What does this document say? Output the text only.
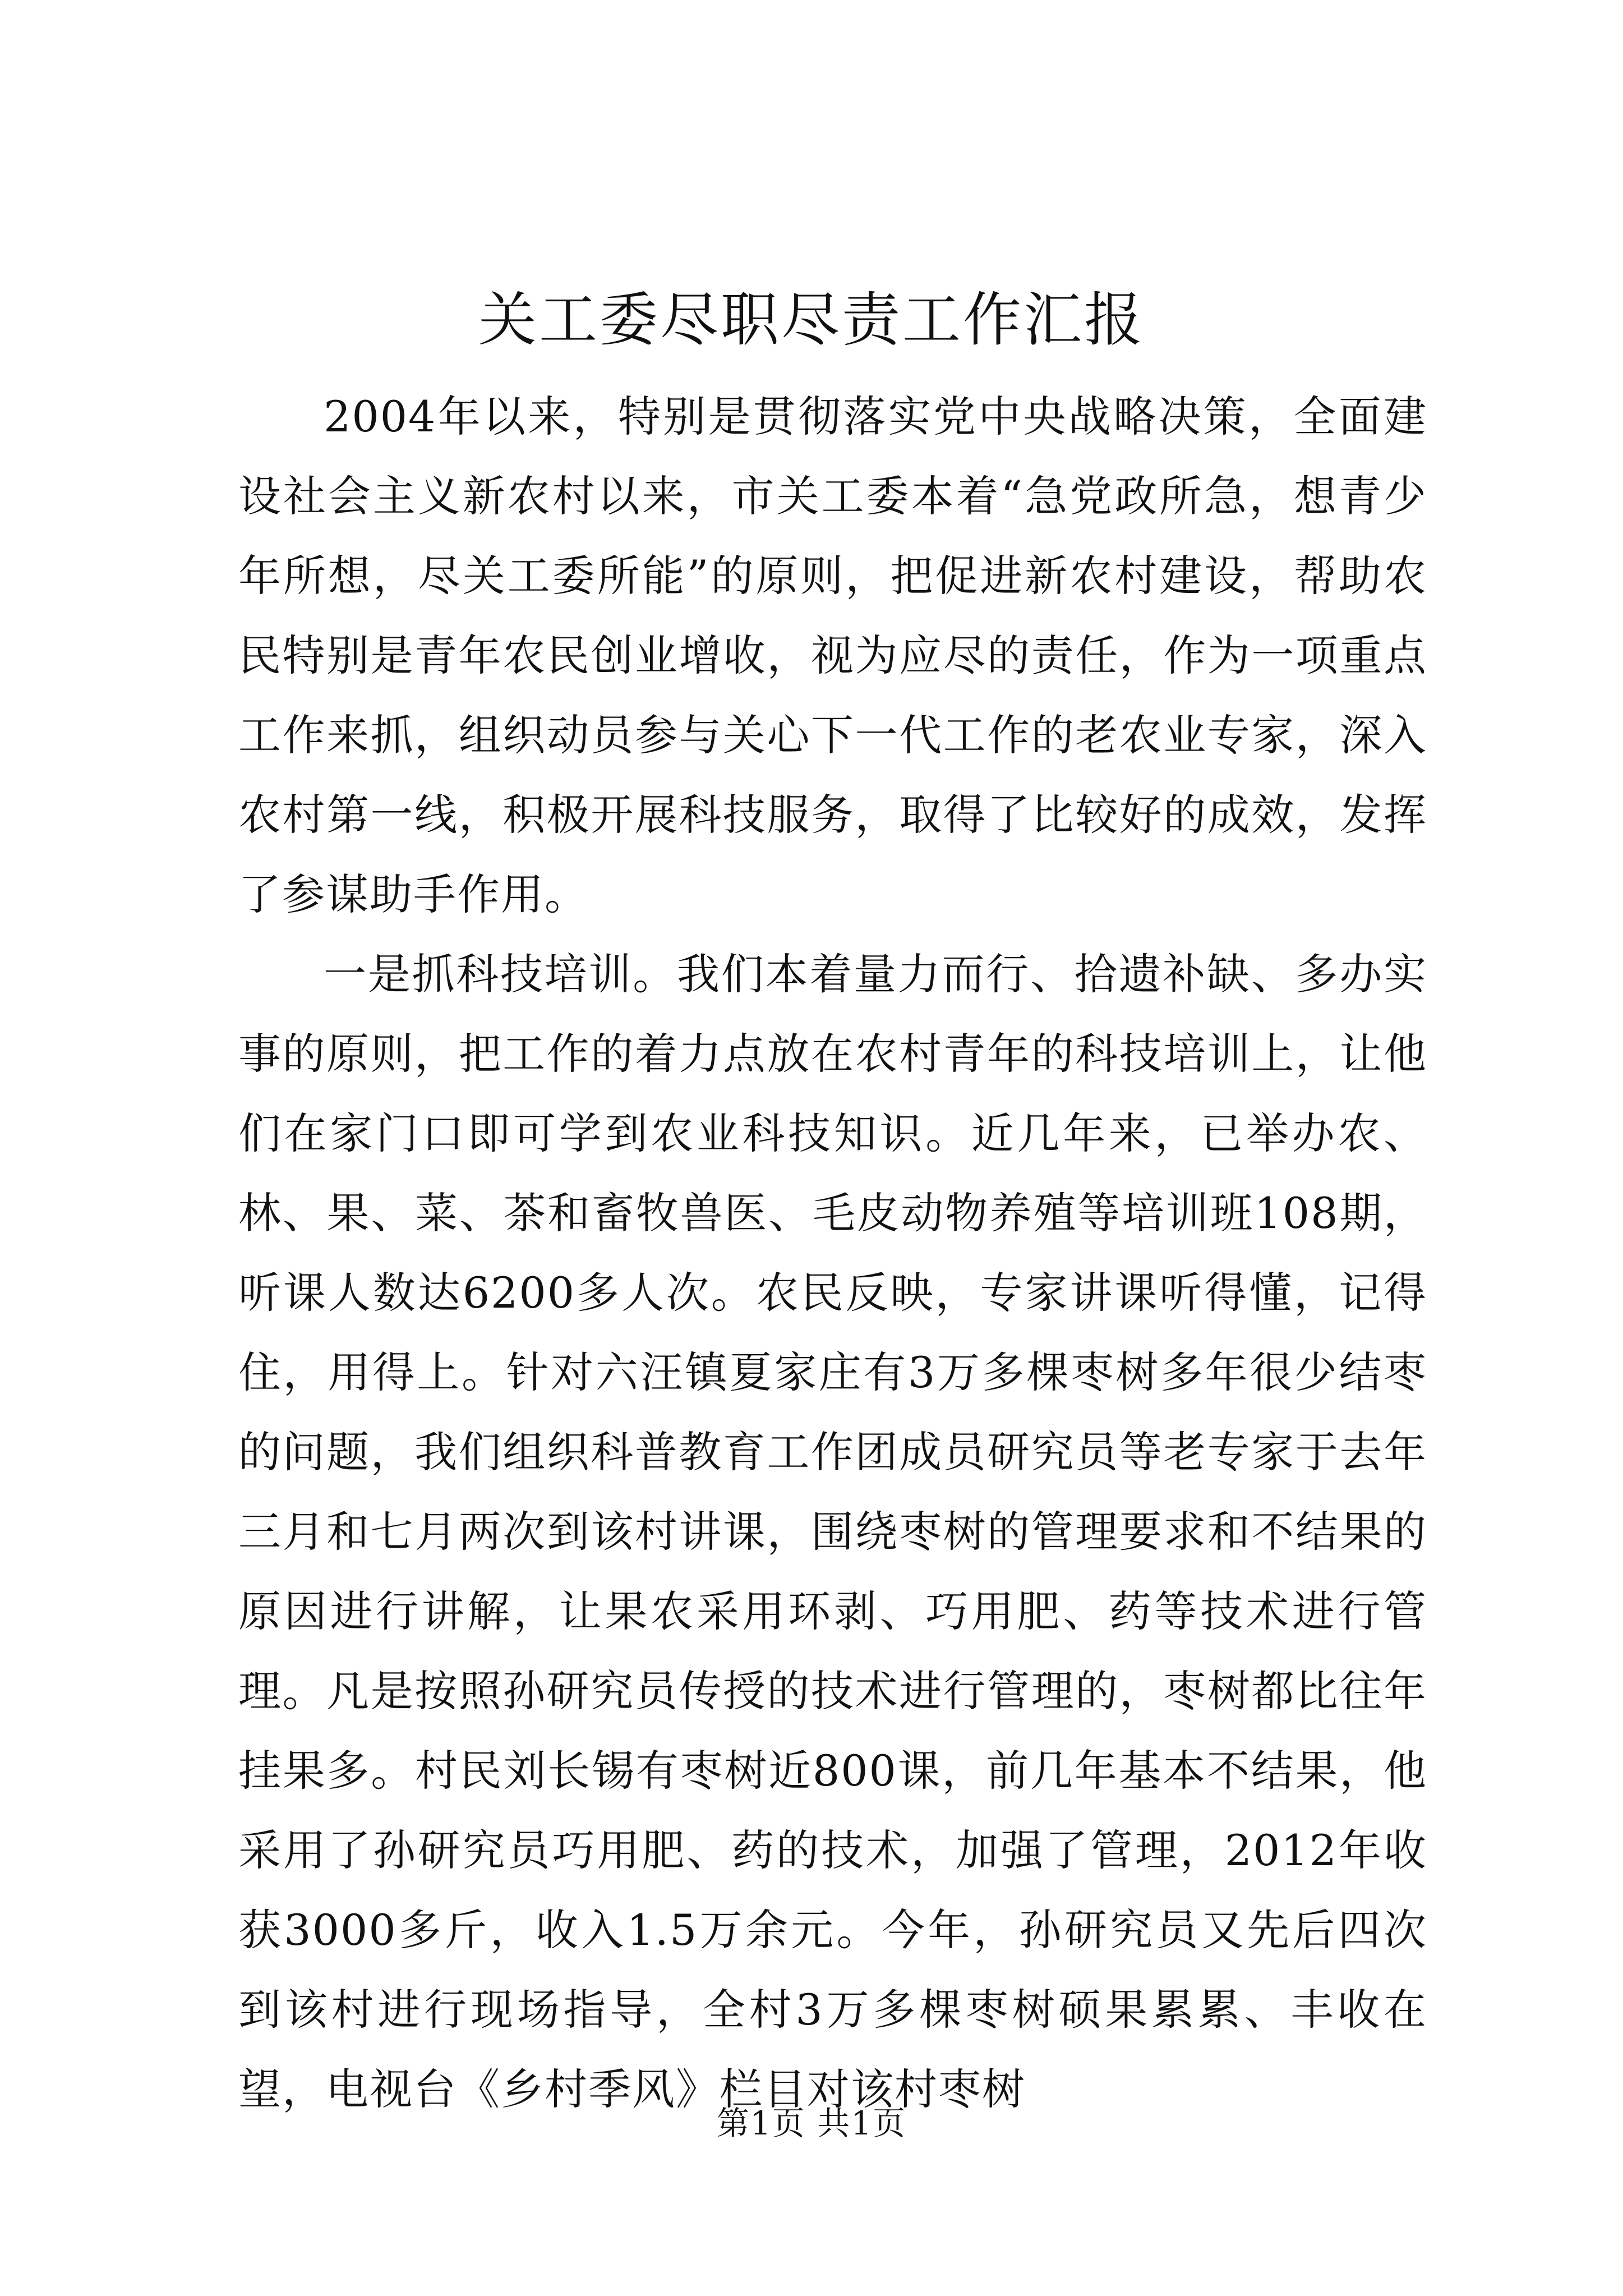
关工委尽职尽责工作汇报

2004年以来，特别是贯彻落实党中央战略决策，全面建设社会主义新农村以来，市关工委本着“急党政所急，想青少年所想，尽关工委所能”的原则，把促进新农村建设，帮助农民特别是青年农民创业增收，视为应尽的责任，作为一项重点工作来抓，组织动员参与关心下一代工作的老农业专家，深入农村第一线，积极开展科技服务，取得了比较好的成效，发挥了参谋助手作用。

一是抓科技培训。我们本着量力而行、拾遗补缺、多办实事的原则，把工作的着力点放在农村青年的科技培训上，让他们在家门口即可学到农业科技知识。近几年来，已举办农、林、果、菜、茶和畜牧兽医、毛皮动物养殖等培训班108期，听课人数达6200多人次。农民反映，专家讲课听得懂，记得住，用得上。针对六汪镇夏家庄有3万多棵枣树多年很少结枣的问题，我们组织科普教育工作团成员研究员等老专家于去年三月和七月两次到该村讲课，围绕枣树的管理要求和不结果的原因进行讲解，让果农采用环剥、巧用肥、药等技术进行管理。凡是按照孙研究员传授的技术进行管理的，枣树都比往年挂果多。村民刘长锡有枣树近800课，前几年基本不结果，他采用了孙研究员巧用肥、药的技术，加强了管理，2012年收获3000多斤，收入1.5万余元。今年，孙研究员又先后四次到该村进行现场指导，全村3万多棵枣树硕果累累、丰收在望，电视台《乡村季风》栏目对该村枣树

第1页 共1页
